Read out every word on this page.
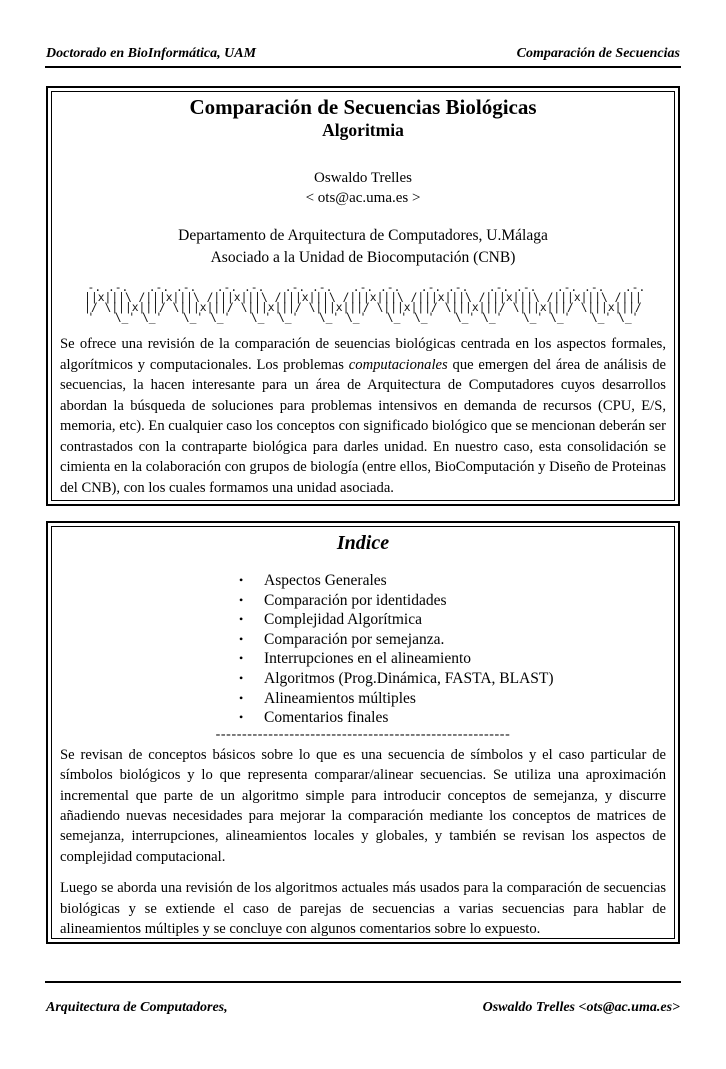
Doctorado en BioInformática, UAM	Comparación de Secuencias
Comparación de Secuencias Biológicas
Algoritmia
Oswaldo Trelles
< ots@ac.uma.es >
Departamento de Arquitectura de Computadores, U.Málaga
Asociado a la Unidad de Biocomputación (CNB)
-. .-.   .-. .-.   .-. .-.   .-. .-.   .-. .-.   .-. .-.   .-. .-.   .-. .-.   .-.
||x|||\ /|||x|||\ /|||x|||\ /|||x|||\ /|||x|||\ /|||x|||\ /|||x|||\ /|||x|||\ /|||
|/ \|||x|||/ \|||x|||/ \|||x|||/ \|||x|||/ \|||x|||/ \|||x|||/ \|||x|||/ \|||x|||/
'   \_' \_'   \_' \_'   \_' \_'   \_' \_'   \_' \_'   \_' \_'   \_' \_'   \_' \_'

Se ofrece una revisión de la comparación de seuencias biológicas centrada en los aspectos formales, algorítmicos y computacionales. Los problemas computacionales que emergen del área de análisis de secuencias, la hacen interesante para un área de Arquitectura de Computadores cuyos desarrollos abordan la búsqueda de soluciones para problemas intensivos en demanda de recursos (CPU, E/S, memoria, etc). En cualquier caso los conceptos con significado biológico que se mencionan deberán ser contrastados con la contraparte biológica para darles unidad. En nuestro caso, esta consolidación se cimienta en la colaboración con grupos de biología (entre ellos, BioComputación y Diseño de Proteinas del CNB), con los cuales formamos una unidad asociada.

Indice
•	Aspectos Generales
•	Comparación por identidades
•	Complejidad Algorítmica
•	Comparación por semejanza.
•	Interrupciones en el alineamiento
•	Algoritmos (Prog.Dinámica, FASTA, BLAST)
•	Alineamientos múltiples
•	Comentarios finales
--------------------------------------------------------

Se revisan de conceptos básicos sobre lo que es una secuencia de símbolos y el caso particular de símbolos biológicos y lo que representa comparar/alinear secuencias. Se utiliza una aproximación incremental que parte de un algoritmo simple para introducir conceptos de semejanza, y discurre añadiendo nuevas necesidades para mejorar la comparación mediante los conceptos de matrices de semejanza, interrupciones, alineamientos locales y globales, y también se revisan los aspectos de complejidad computacional.

Luego se aborda una revisión de los algoritmos actuales más usados para la comparación de secuencias biológicas y se extiende el caso de parejas de secuencias a varias secuencias para hablar de alineamientos múltiples y se concluye con algunos comentarios sobre lo expuesto.

Arquitectura de Computadores,	Oswaldo Trelles <ots@ac.uma.es>
